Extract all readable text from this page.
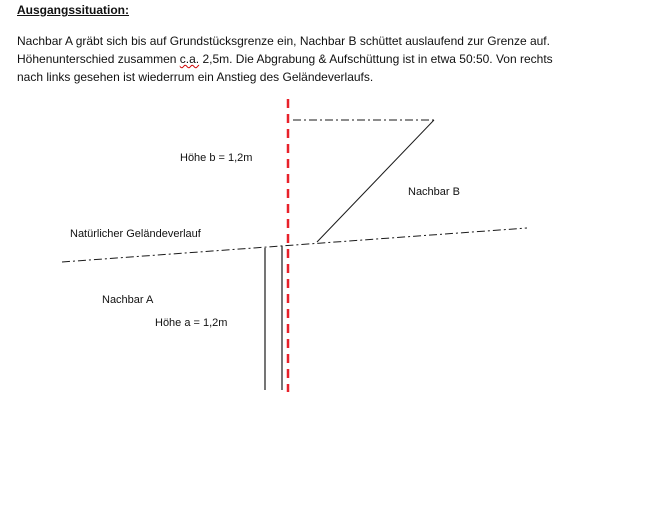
Ausgangssituation:
Nachbar A gräbt sich bis auf Grundstücksgrenze ein, Nachbar B schüttet auslaufend zur Grenze auf.
Höhenunterschied zusammen c.a. 2,5m. Die Abgrabung & Aufschüttung ist in etwa 50:50. Von rechts
nach links gesehen ist wiederrum ein Anstieg des Geländeverlaufs.
Höhe b = 1,2m
Nachbar B
Natürlicher Geländeverlauf
Nachbar A
Höhe a = 1,2m
